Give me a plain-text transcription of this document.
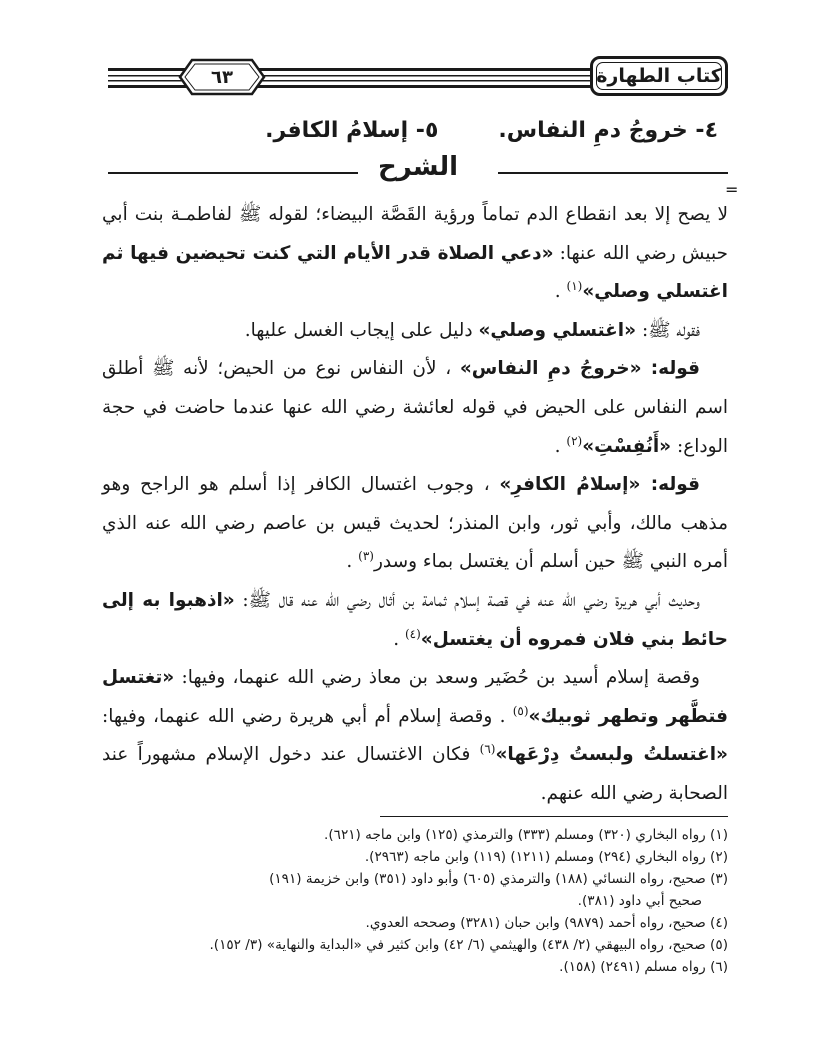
٦٣	كتاب الطهارة
٤- خروجُ دمِ النفاس.
٥- إسلامُ الكافر.
الشرح
=

لا يصح إلا بعد انقطاع الدم تماماً ورؤية القَصَّة البيضاء؛ لقوله ﷺ لفاطمـة بنت أبي حبيش رضي الله عنها: «دعي الصلاة قدر الأيام التي كنت تحيضين فيها ثم اغتسلي وصلي»$^{(١)}$ .

فقوله ﷺ: «اغتسلي وصلي» دليل على إيجاب الغسل عليها.

قوله: «خروجُ دمِ النفاس» ، لأن النفاس نوع من الحيض؛ لأنه ﷺ أطلق اسم النفاس على الحيض في قوله لعائشة رضي الله عنها عندما حاضت في حجة الوداع: «أَنُفِسْتِ»$^{(٢)}$ .

قوله: «إسلامُ الكافرِ» ، وجوب اغتسال الكافر إذا أسلم هو الراجح وهو مذهب مالك، وأبي ثور، وابن المنذر؛ لحديث قيس بن عاصم رضي الله عنه الذي أمره النبي ﷺ حين أسلم أن يغتسل بماء وسدر$^{(٣)}$ .

وحديث أبي هريرة رضي الله عنه في قصة إسلام ثمامة بن أثال رضي الله عنه قال ﷺ: «اذهبوا به إلى حائط بني فلان فمروه أن يغتسل»$^{(٤)}$ .

وقصة إسلام أسيد بن حُضَير وسعد بن معاذ رضي الله عنهما، وفيها: «تغتسل فتطَّهر وتطهر ثوبيك»$^{(٥)}$ . وقصة إسلام أم أبي هريرة رضي الله عنهما، وفيها: «اغتسلتُ ولبستُ دِرْعَها»$^{(٦)}$ فكان الاغتسال عند دخول الإسلام مشهوراً عند الصحابة رضي الله عنهم.

(١) رواه البخاري (٣٢٠) ومسلم (٣٣٣) والترمذي (١٢٥) وابن ماجه (٦٢١).
(٢) رواه البخاري (٢٩٤) ومسلم (١٢١١) (١١٩) وابن ماجه (٢٩٦٣).
(٣) صحيح، رواه النسائي (١٨٨) والترمذي (٦٠٥) وأبو داود (٣٥١) وابن خزيمة (١٩١)
صحيح أبي داود (٣٨١).
(٤) صحيح، رواه أحمد (٩٨٧٩) وابن حبان (٣٢٨١) وصححه العدوي.
(٥) صحيح، رواه البيهقي (٢/ ٤٣٨) والهيثمي (٦/ ٤٢) وابن كثير في «البداية والنهاية» (٣/ ١٥٢).
(٦) رواه مسلم (٢٤٩١) (١٥٨).
